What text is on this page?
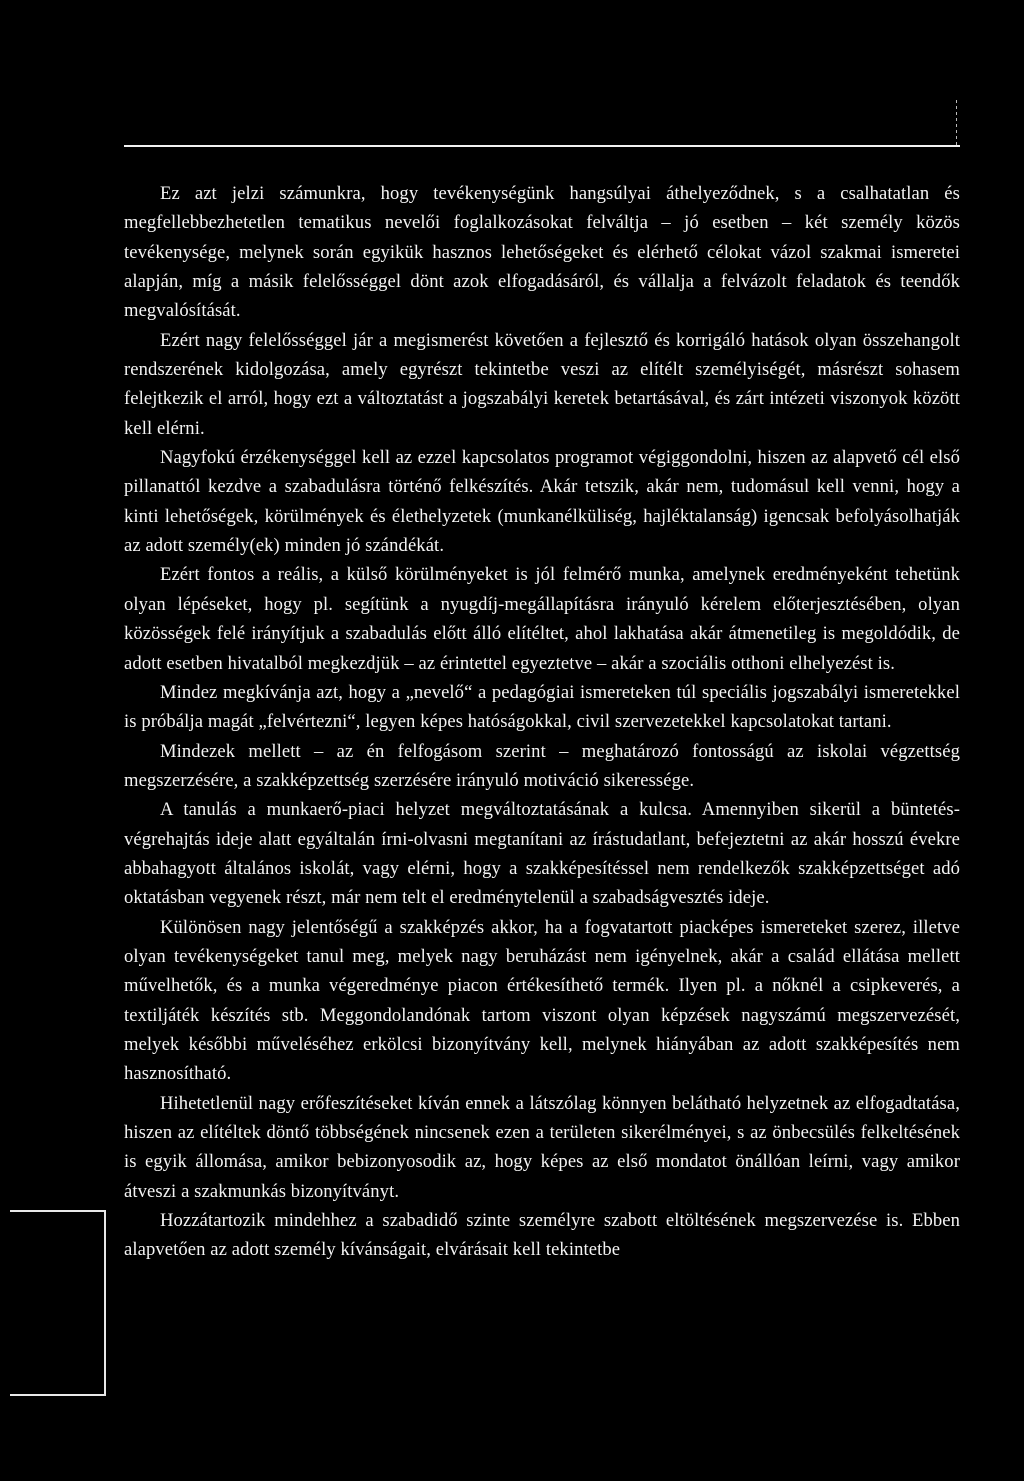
Ez azt jelzi számunkra, hogy tevékenységünk hangsúlyai áthelyeződnek, s a csalhatatlan és megfellebbezhetetlen tematikus nevelői foglalkozásokat felváltja – jó esetben – két személy közös tevékenysége, melynek során egyikük hasznos lehetőségeket és elérhető célokat vázol szakmai ismeretei alapján, míg a másik felelősséggel dönt azok elfogadásáról, és vállalja a felvázolt feladatok és teendők megvalósítását.

Ezért nagy felelősséggel jár a megismerést követően a fejlesztő és korrigáló hatások olyan összehangolt rendszerének kidolgozása, amely egyrészt tekintetbe veszi az elítélt személyiségét, másrészt sohasem felejtkezik el arról, hogy ezt a változtatást a jogszabályi keretek betartásával, és zárt intézeti viszonyok között kell elérni.

Nagyfokú érzékenységgel kell az ezzel kapcsolatos programot végiggondolni, hiszen az alapvető cél első pillanattól kezdve a szabadulásra történő felkészítés. Akár tetszik, akár nem, tudomásul kell venni, hogy a kinti lehetőségek, körülmények és élethelyzetek (munkanélküliség, hajléktalanság) igencsak befolyásolhatják az adott személy(ek) minden jó szándékát.

Ezért fontos a reális, a külső körülményeket is jól felmérő munka, amelynek eredményeként tehetünk olyan lépéseket, hogy pl. segítünk a nyugdíj-megállapításra irányuló kérelem előterjesztésében, olyan közösségek felé irányítjuk a szabadulás előtt álló elítéltet, ahol lakhatása akár átmenetileg is megoldódik, de adott esetben hivatalból megkezdjük – az érintettel egyeztetve – akár a szociális otthoni elhelyezést is.

Mindez megkívánja azt, hogy a „nevelő“ a pedagógiai ismereteken túl speciális jogszabályi ismeretekkel is próbálja magát „felvértezni“, legyen képes hatóságokkal, civil szervezetekkel kapcsolatokat tartani.

Mindezek mellett – az én felfogásom szerint – meghatározó fontosságú az iskolai végzettség megszerzésére, a szakképzettség szerzésére irányuló motiváció sikeressége.

A tanulás a munkaerő-piaci helyzet megváltoztatásának a kulcsa. Amennyiben sikerül a büntetés-végrehajtás ideje alatt egyáltalán írni-olvasni megtanítani az írástudatlant, befejeztetni az akár hosszú évekre abbahagyott általános iskolát, vagy elérni, hogy a szakképesítéssel nem rendelkezők szakképzettséget adó oktatásban vegyenek részt, már nem telt el eredménytelenül a szabadságvesztés ideje.

Különösen nagy jelentőségű a szakképzés akkor, ha a fogvatartott piacképes ismereteket szerez, illetve olyan tevékenységeket tanul meg, melyek nagy beruházást nem igényelnek, akár a család ellátása mellett művelhetők, és a munka végeredménye piacon értékesíthető termék. Ilyen pl. a nőknél a csipkeverés, a textiljáték készítés stb. Meggondolandónak tartom viszont olyan képzések nagyszámú megszervezését, melyek későbbi műveléséhez erkölcsi bizonyítvány kell, melynek hiányában az adott szakképesítés nem hasznosítható.

Hihetetlenül nagy erőfeszítéseket kíván ennek a látszólag könnyen belátható helyzetnek az elfogadtatása, hiszen az elítéltek döntő többségének nincsenek ezen a területen sikerélményei, s az önbecsülés felkeltésének is egyik állomása, amikor bebizonyosodik az, hogy képes az első mondatot önállóan leírni, vagy amikor átveszi a szakmunkás bizonyítványt.

Hozzátartozik mindehhez a szabadidő szinte személyre szabott eltöltésének megszervezése is. Ebben alapvetően az adott személy kívánságait, elvárásait kell tekintetbe
